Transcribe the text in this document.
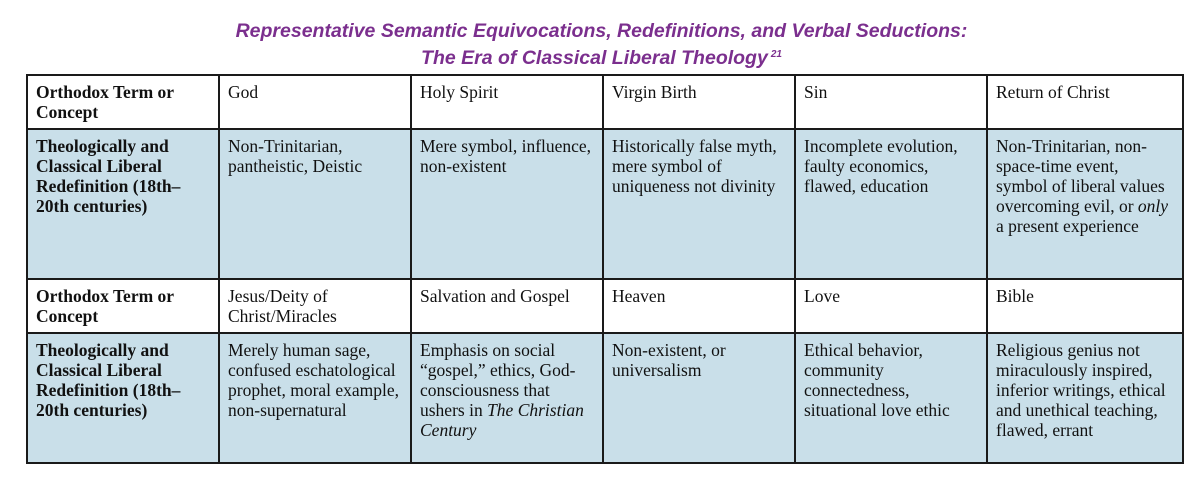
Representative Semantic Equivocations, Redefinitions, and Verbal Seductions:
The Era of Classical Liberal Theology $^{21}$
Orthodox Term or Concept	God	Holy Spirit	Virgin Birth	Sin	Return of Christ
Theologically and Classical Liberal Redefinition (18th–20th centuries)	Non-Trinitarian, pantheistic, Deistic	Mere symbol, influence, non-existent	Historically false myth, mere symbol of uniqueness not divinity	Incomplete evolution, faulty economics, flawed, education	Non-Trinitarian, non-space-time event, symbol of liberal values overcoming evil, or only a present experience
Orthodox Term or Concept	Jesus/Deity of Christ/Miracles	Salvation and Gospel	Heaven	Love	Bible
Theologically and Classical Liberal Redefinition (18th–20th centuries)	Merely human sage, confused eschatological prophet, moral example, non-supernatural	Emphasis on social “gospel,” ethics, God-consciousness that ushers in The Christian Century	Non-existent, or universalism	Ethical behavior, community connectedness, situational love ethic	Religious genius not miraculously inspired, inferior writings, ethical and unethical teaching, flawed, errant
